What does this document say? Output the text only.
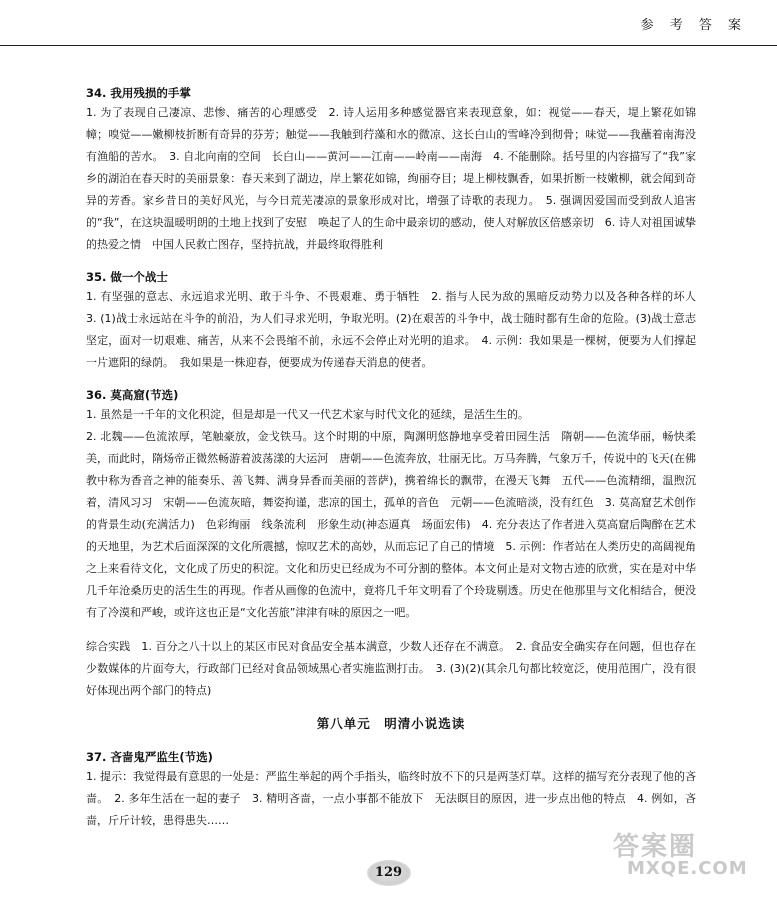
参 考 答 案
34. 我用残损的手掌

1. 为了表现自己凄凉、悲惨、痛苦的心理感受　2. 诗人运用多种感觉器官来表现意象，如：视觉——春天，堤上繁花如锦幛；嗅觉——嫩柳枝折断有奇异的芬芳；触觉——我触到荇藻和水的微凉、这长白山的雪峰冷到彻骨；味觉——我蘸着南海没有渔船的苦水。　3. 自北向南的空间　长白山——黄河——江南——岭南——南海　4. 不能删除。括号里的内容描写了“我”家乡的湖泊在春天时的美丽景象：春天来到了湖边，岸上繁花如锦，绚丽夺目；堤上柳枝飘香，如果折断一枝嫩柳，就会闻到奇异的芳香。家乡昔日的美好风光，与今日荒芜凄凉的景象形成对比，增强了诗歌的表现力。　5. 强调因爱国而受到敌人追害的“我”，在这块温暖明朗的土地上找到了安慰　唤起了人的生命中最亲切的感动，使人对解放区倍感亲切　6. 诗人对祖国诚挚的热爱之情　中国人民救亡图存，坚持抗战，并最终取得胜利

35. 做一个战士

1. 有坚强的意志、永远追求光明、敢于斗争、不畏艰难、勇于牺牲　2. 指与人民为敌的黑暗反动势力以及各种各样的坏人　3. (1)战士永远站在斗争的前沿，为人们寻求光明，争取光明。(2)在艰苦的斗争中，战士随时都有生命的危险。(3)战士意志坚定，面对一切艰难、痛苦，从来不会畏缩不前，永远不会停止对光明的追求。　4. 示例：我如果是一棵树，便要为人们撑起一片遮阳的绿荫。　我如果是一株迎春，便要成为传递春天消息的使者。

36. 莫高窟(节选)

1. 虽然是一千年的文化积淀，但是却是一代又一代艺术家与时代文化的延续，是活生生的。

2. 北魏——色流浓厚，笔触豪放，金戈铁马。这个时期的中原，陶渊明悠静地享受着田园生活　隋朝——色流华丽，畅快柔美，而此时，隋炀帝正微然畅游着波荡漾的大运河　唐朝——色流奔放，壮丽无比。万马奔腾，气象万千，传说中的飞天(在佛教中称为香音之神的能奏乐、善飞舞、满身异香而美丽的菩萨)，携着绵长的飘带，在漫天飞舞　五代——色流精细，温煦沉着，清风习习　宋朝——色流灰暗，舞姿拘谨，悲凉的国土，孤单的音色　元朝——色流暗淡，没有红色　3. 莫高窟艺术创作的背景生动(充满活力)　色彩绚丽　线条流利　形象生动(神态逼真　场面宏伟)　4. 充分表达了作者进入莫高窟后陶醉在艺术的天地里，为艺术后面深深的文化所震撼，惊叹艺术的高妙，从而忘记了自己的情境　5. 示例：作者站在人类历史的高阔视角之上来看待文化，文化成了历史的积淀。文化和历史已经成为不可分割的整体。本文何止是对文物古迹的欣赏，实在是对中华几千年沧桑历史的活生生的再现。作者从画像的色流中，竟将几千年文明看了个玲珑剔透。历史在他那里与文化相结合，便没有了冷漠和严峻，或许这也正是“文化苦旅”津津有味的原因之一吧。

综合实践　1. 百分之八十以上的某区市民对食品安全基本满意，少数人还存在不满意。　2. 食品安全确实存在问题，但也存在少数媒体的片面夸大，行政部门已经对食品领域黑心者实施监测打击。　3. (3)(2)(其余几句都比较宽泛，使用范围广，没有很好体现出两个部门的特点)

第八单元　明清小说选读
37. 吝啬鬼严监生(节选)

1. 提示：我觉得最有意思的一处是：严监生举起的两个手指头，临终时放不下的只是两茎灯草。这样的描写充分表现了他的吝啬。　2. 多年生活在一起的妻子　3. 精明吝啬，一点小事都不能放下　无法瞑目的原因，进一步点出他的特点　4. 例如，吝啬，斤斤计较，患得患失……

129
答案圈
MXQE.COM
